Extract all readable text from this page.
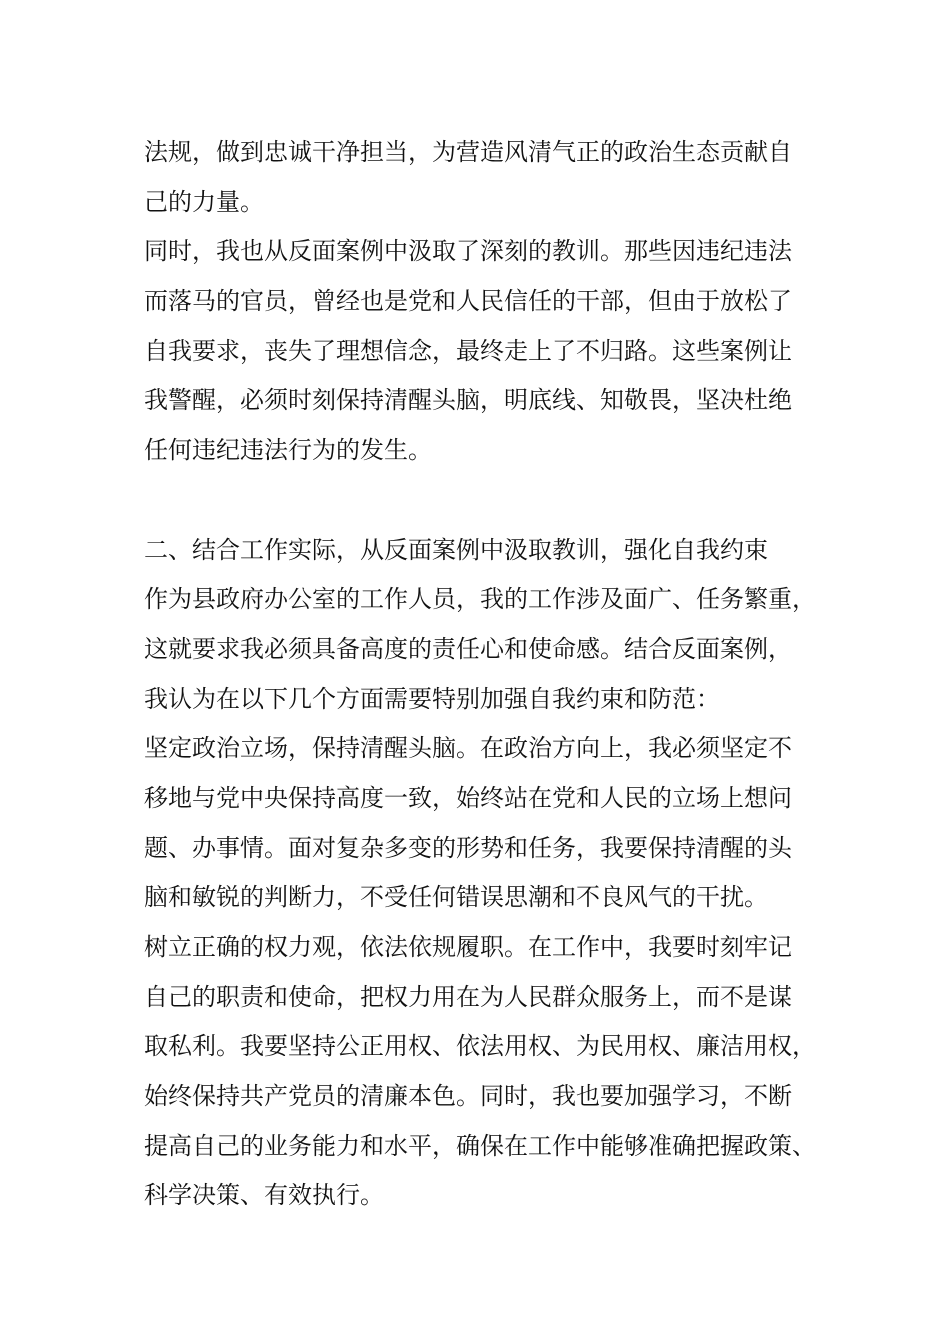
法规，做到忠诚干净担当，为营造风清气正的政治生态贡献自
己的力量。
同时，我也从反面案例中汲取了深刻的教训。那些因违纪违法
而落马的官员，曾经也是党和人民信任的干部，但由于放松了
自我要求，丧失了理想信念，最终走上了不归路。这些案例让
我警醒，必须时刻保持清醒头脑，明底线、知敬畏，坚决杜绝
任何违纪违法行为的发生。
二、结合工作实际，从反面案例中汲取教训，强化自我约束
作为县政府办公室的工作人员，我的工作涉及面广、任务繁重，
这就要求我必须具备高度的责任心和使命感。结合反面案例，
我认为在以下几个方面需要特别加强自我约束和防范：
坚定政治立场，保持清醒头脑。在政治方向上，我必须坚定不
移地与党中央保持高度一致，始终站在党和人民的立场上想问
题、办事情。面对复杂多变的形势和任务，我要保持清醒的头
脑和敏锐的判断力，不受任何错误思潮和不良风气的干扰。
树立正确的权力观，依法依规履职。在工作中，我要时刻牢记
自己的职责和使命，把权力用在为人民群众服务上，而不是谋
取私利。我要坚持公正用权、依法用权、为民用权、廉洁用权，
始终保持共产党员的清廉本色。同时，我也要加强学习，不断
提高自己的业务能力和水平，确保在工作中能够准确把握政策、
科学决策、有效执行。
